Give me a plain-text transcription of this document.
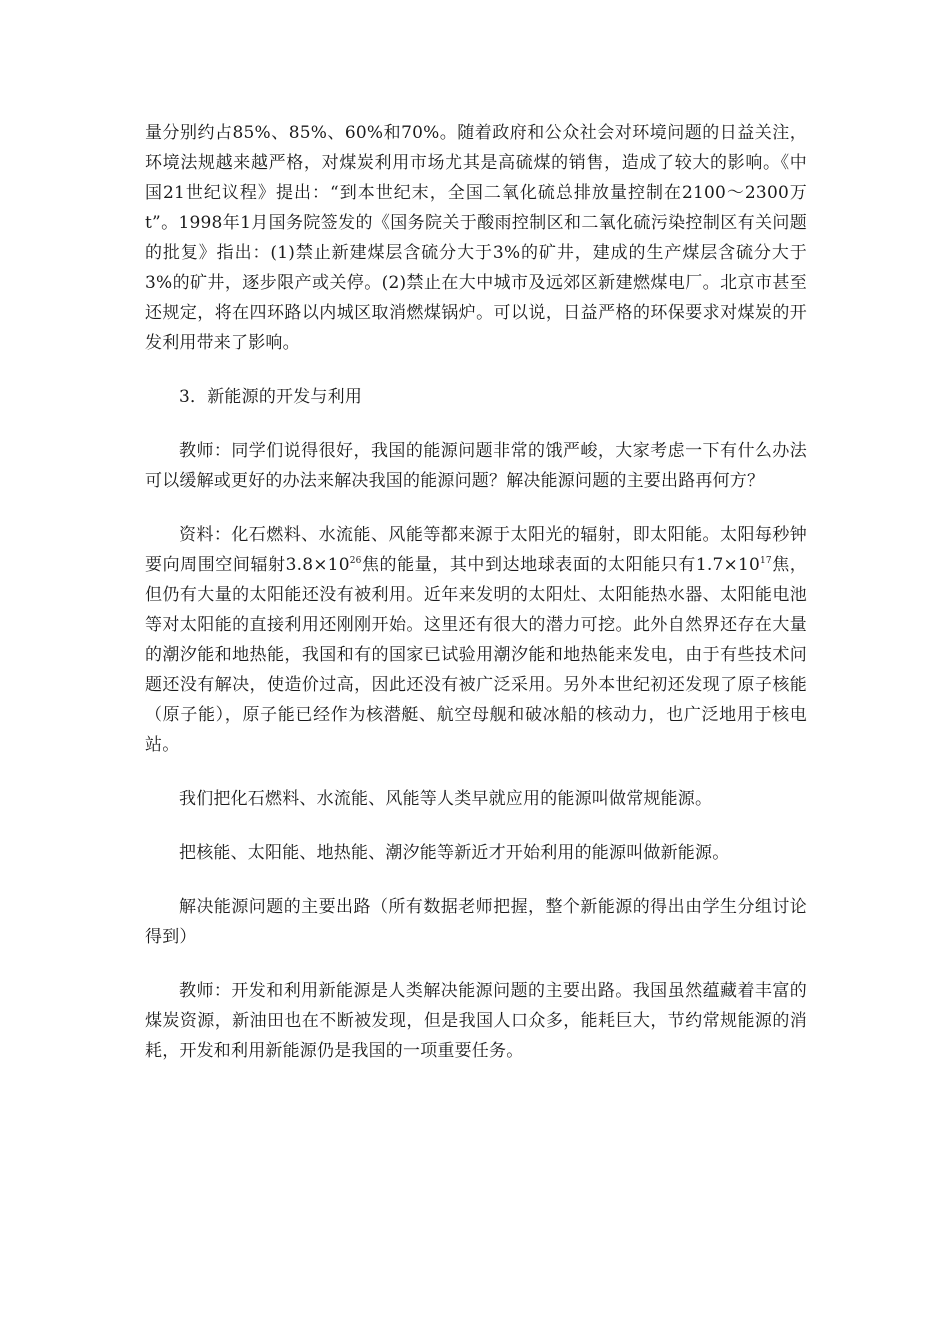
量分别约占85%、85%、60%和70%。随着政府和公众社会对环境问题的日益关注，环境法规越来越严格，对煤炭利用市场尤其是高硫煤的销售，造成了较大的影响。《中国21世纪议程》提出：“到本世纪末，全国二氧化硫总排放量控制在2100～2300万t”。1998年1月国务院签发的《国务院关于酸雨控制区和二氧化硫污染控制区有关问题的批复》指出：(1)禁止新建煤层含硫分大于3%的矿井，建成的生产煤层含硫分大于3%的矿井，逐步限产或关停。(2)禁止在大中城市及远郊区新建燃煤电厂。北京市甚至还规定，将在四环路以内城区取消燃煤锅炉。可以说，日益严格的环保要求对煤炭的开发利用带来了影响。

3．新能源的开发与利用

教师：同学们说得很好，我国的能源问题非常的饿严峻，大家考虑一下有什么办法可以缓解或更好的办法来解决我国的能源问题？解决能源问题的主要出路再何方？

资料：化石燃料、水流能、风能等都来源于太阳光的辐射，即太阳能。太阳每秒钟要向周围空间辐射$3.8\times 10^{26}$焦的能量，其中到达地球表面的太阳能只有$1.7\times 10^{17}$焦，但仍有大量的太阳能还没有被利用。近年来发明的太阳灶、太阳能热水器、太阳能电池等对太阳能的直接利用还刚刚开始。这里还有很大的潜力可挖。此外自然界还存在大量的潮汐能和地热能，我国和有的国家已试验用潮汐能和地热能来发电，由于有些技术问题还没有解决，使造价过高，因此还没有被广泛采用。另外本世纪初还发现了原子核能（原子能），原子能已经作为核潜艇、航空母舰和破冰船的核动力，也广泛地用于核电站。

我们把化石燃料、水流能、风能等人类早就应用的能源叫做常规能源。

把核能、太阳能、地热能、潮汐能等新近才开始利用的能源叫做新能源。

解决能源问题的主要出路（所有数据老师把握，整个新能源的得出由学生分组讨论得到）

教师：开发和利用新能源是人类解决能源问题的主要出路。我国虽然蕴藏着丰富的煤炭资源，新油田也在不断被发现，但是我国人口众多，能耗巨大，节约常规能源的消耗，开发和利用新能源仍是我国的一项重要任务。
